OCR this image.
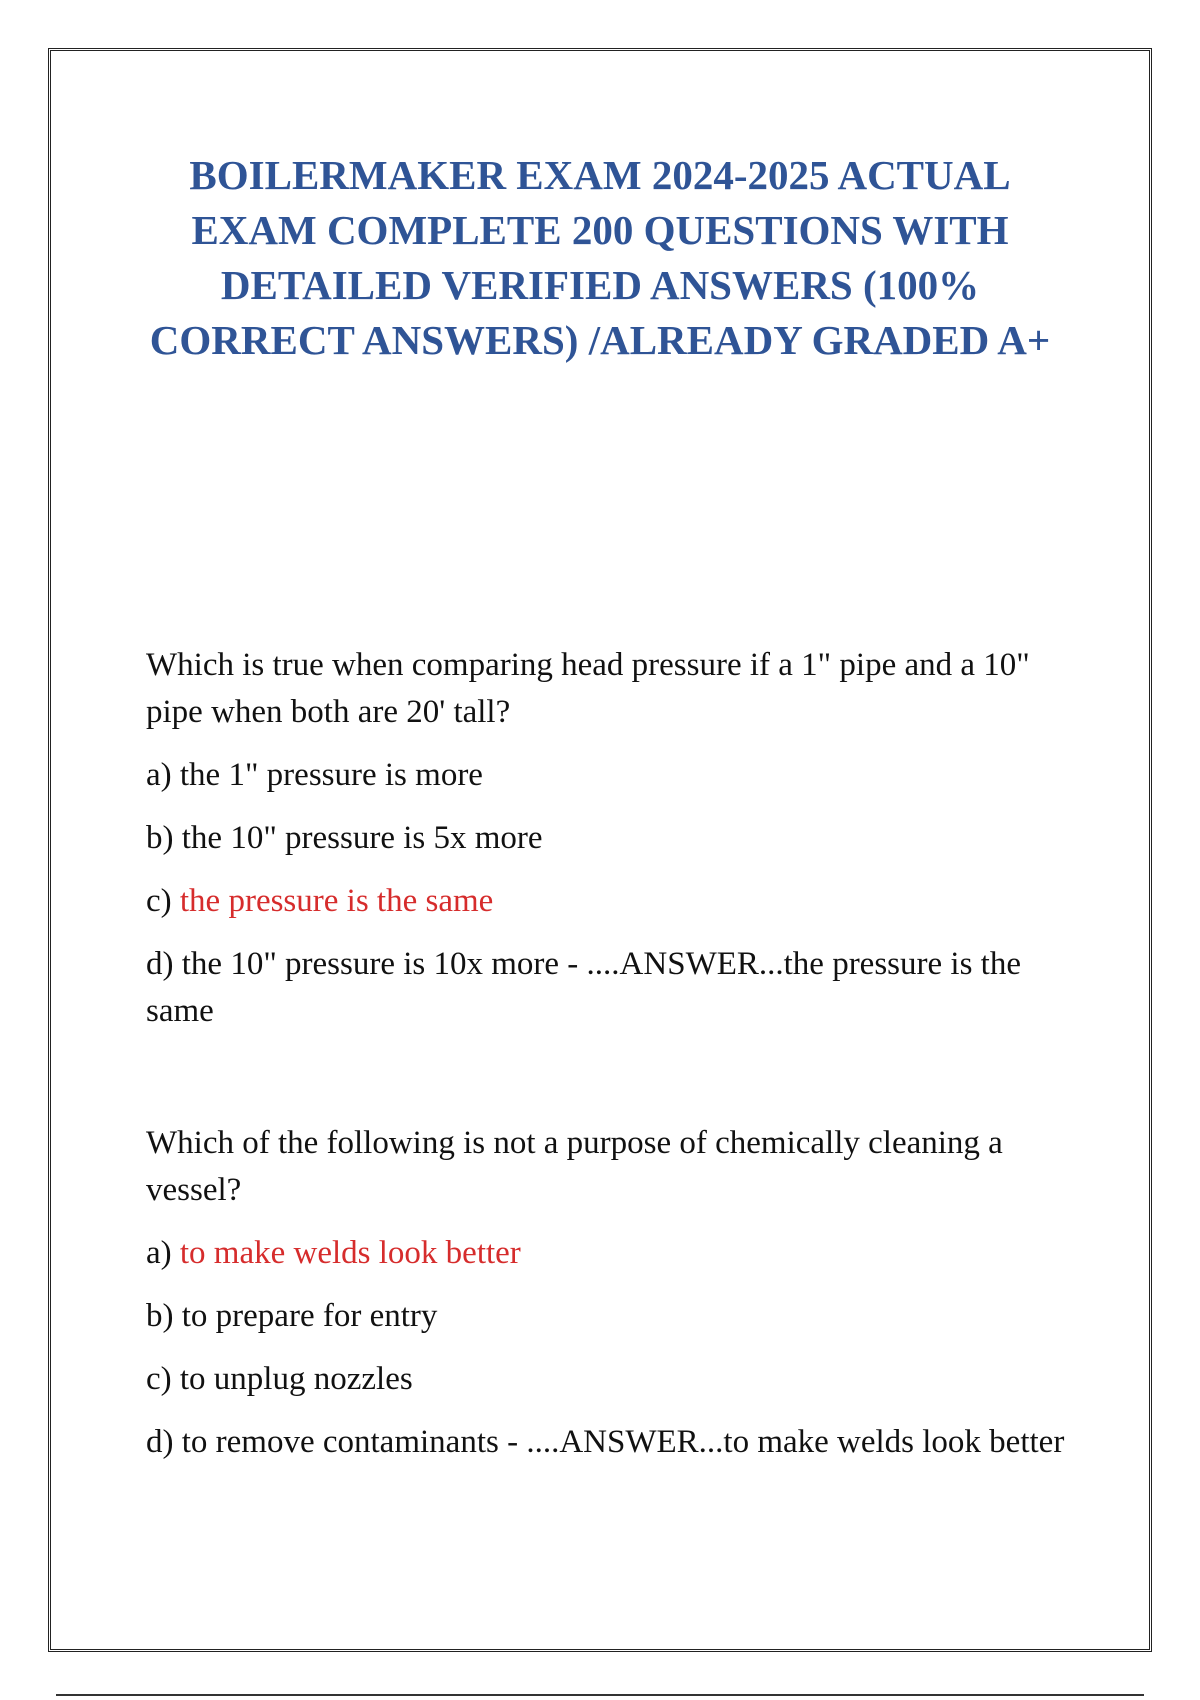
BOILERMAKER EXAM 2024-2025 ACTUAL EXAM COMPLETE 200 QUESTIONS WITH DETAILED VERIFIED ANSWERS (100% CORRECT ANSWERS) /ALREADY GRADED A+

Which is true when comparing head pressure if a 1" pipe and a 10" pipe when both are 20' tall?

a) the 1" pressure is more

b) the 10" pressure is 5x more

c) the pressure is the same

d) the 10" pressure is 10x more - ....ANSWER...the pressure is the same

Which of the following is not a purpose of chemically cleaning a vessel?

a) to make welds look better

b) to prepare for entry

c) to unplug nozzles

d) to remove contaminants - ....ANSWER...to make welds look better
